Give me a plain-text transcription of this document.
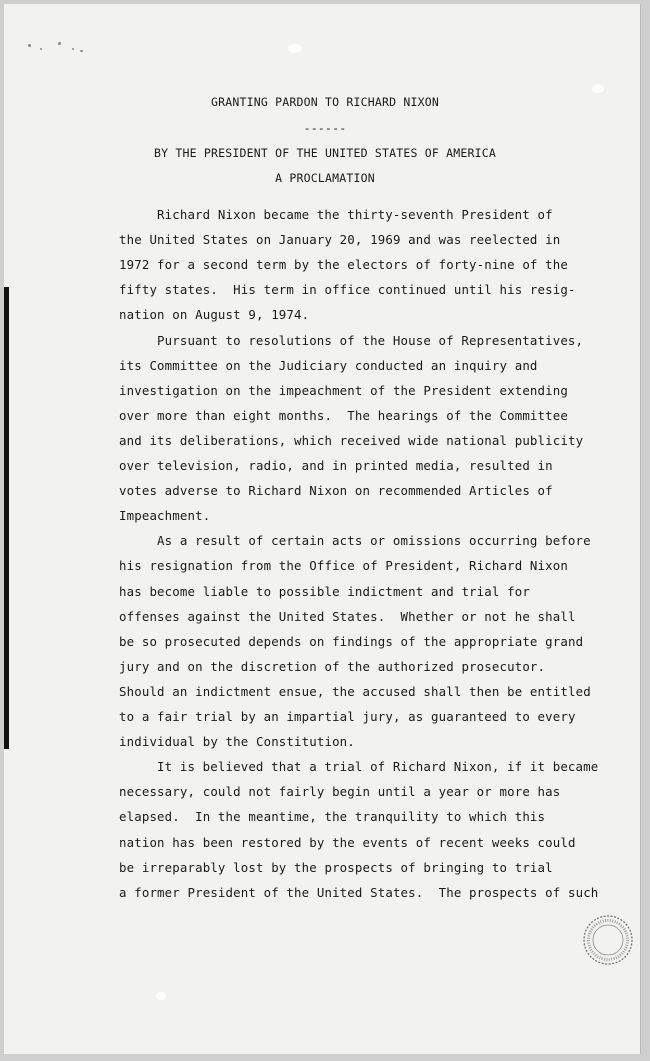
GRANTING PARDON TO RICHARD NIXON
------
BY THE PRESIDENT OF THE UNITED STATES OF AMERICA
A PROCLAMATION
Richard Nixon became the thirty-seventh President of
the United States on January 20, 1969 and was reelected in
1972 for a second term by the electors of forty-nine of the
fifty states.  His term in office continued until his resig-
nation on August 9, 1974.
Pursuant to resolutions of the House of Representatives,
its Committee on the Judiciary conducted an inquiry and
investigation on the impeachment of the President extending
over more than eight months.  The hearings of the Committee
and its deliberations, which received wide national publicity
over television, radio, and in printed media, resulted in
votes adverse to Richard Nixon on recommended Articles of
Impeachment.
As a result of certain acts or omissions occurring before
his resignation from the Office of President, Richard Nixon
has become liable to possible indictment and trial for
offenses against the United States.  Whether or not he shall
be so prosecuted depends on findings of the appropriate grand
jury and on the discretion of the authorized prosecutor.
Should an indictment ensue, the accused shall then be entitled
to a fair trial by an impartial jury, as guaranteed to every
individual by the Constitution.
It is believed that a trial of Richard Nixon, if it became
necessary, could not fairly begin until a year or more has
elapsed.  In the meantime, the tranquility to which this
nation has been restored by the events of recent weeks could
be irreparably lost by the prospects of bringing to trial
a former President of the United States.  The prospects of such
